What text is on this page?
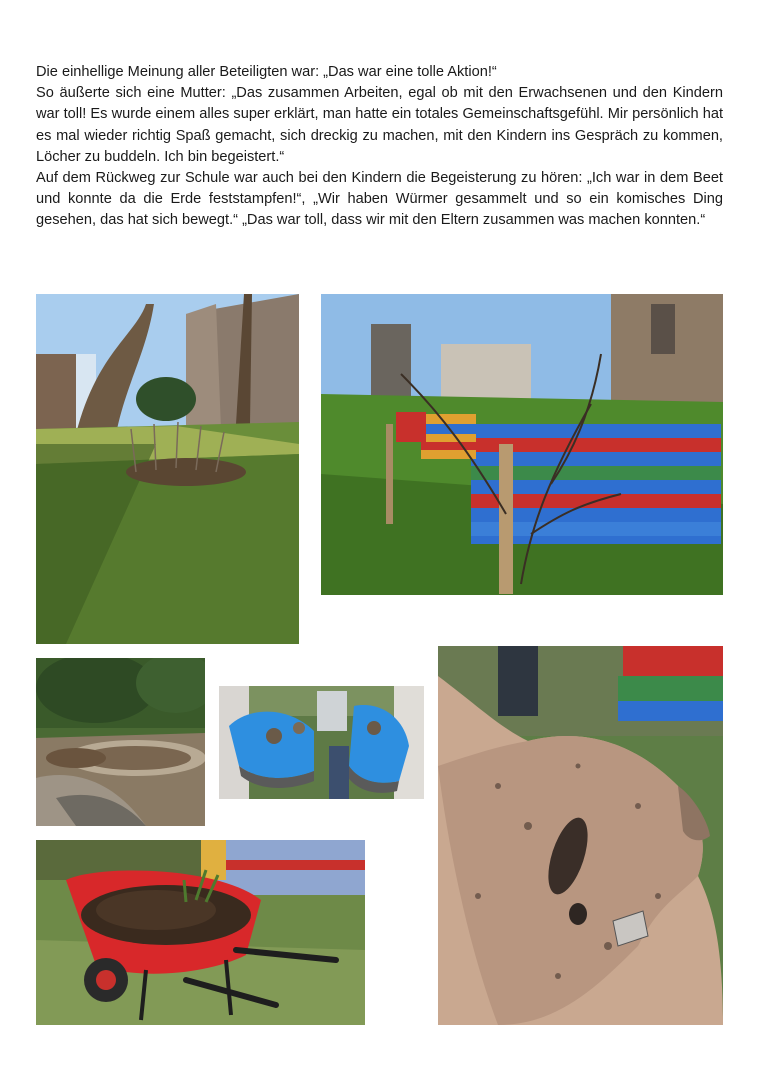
Die einhellige Meinung aller Beteiligten war: „Das war eine tolle Aktion!“

So äußerte sich eine Mutter: „Das zusammen Arbeiten, egal ob mit den Erwachsenen und den Kindern war toll! Es wurde einem alles super erklärt, man hatte ein totales Gemeinschaftsgefühl. Mir persönlich hat es mal wieder richtig Spaß gemacht, sich dreckig zu machen, mit den Kindern ins Gespräch zu kommen, Löcher zu buddeln. Ich bin begeistert.“

Auf dem Rückweg zur Schule war auch bei den Kindern die Begeisterung zu hören: „Ich war in dem Beet und konnte da die Erde feststampfen!“, „Wir haben Würmer gesammelt und so ein komisches Ding gesehen, das hat sich bewegt.“ „Das war toll, dass wir mit den Eltern zusammen was machen konnten.“
